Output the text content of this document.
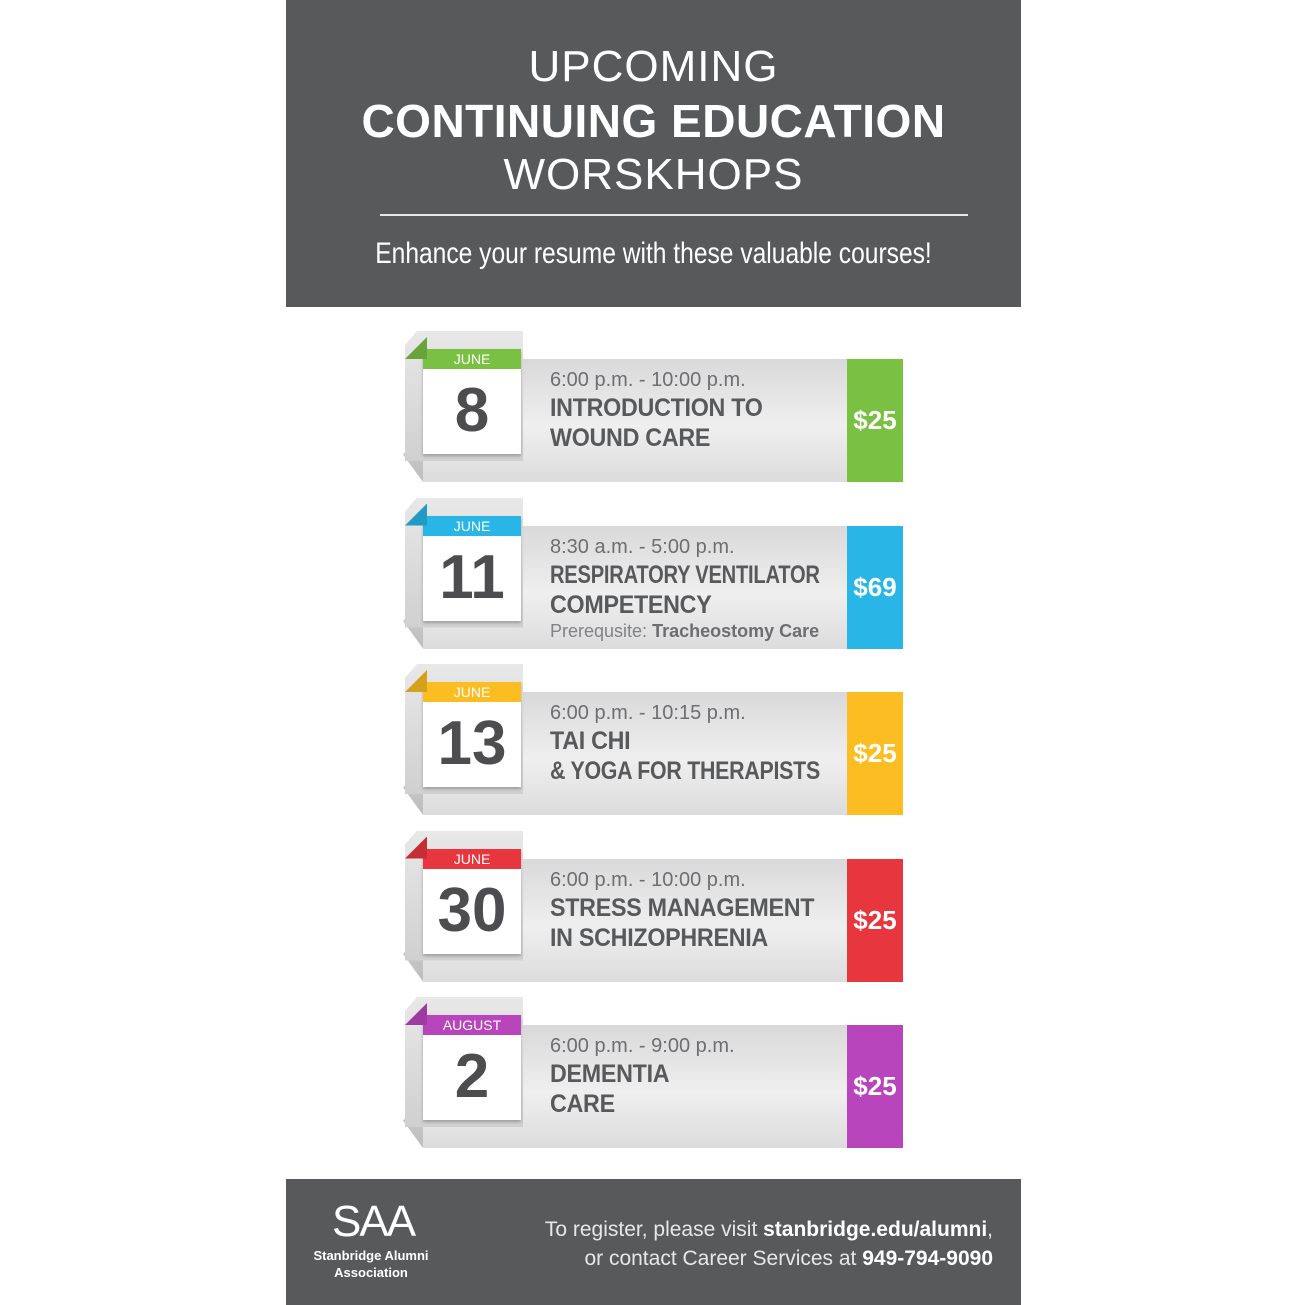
UPCOMING
CONTINUING EDUCATION
WORSKHOPS
Enhance your resume with these valuable courses!
JUNE
8	6:00 p.m. - 10:00 p.m.
INTRODUCTION TO
WOUND CARE
$25
JUNE
11	8:30 a.m. - 5:00 p.m.
RESPIRATORY VENTILATOR
COMPETENCY
Prerequsite: Tracheostomy Care
$69
JUNE
13	6:00 p.m. - 10:15 p.m.
TAI CHI
& YOGA FOR THERAPISTS
$25
JUNE
30	6:00 p.m. - 10:00 p.m.
STRESS MANAGEMENT
IN SCHIZOPHRENIA
$25
AUGUST
2	6:00 p.m. - 9:00 p.m.
DEMENTIA
CARE
$25
SAA
Stanbridge Alumni
Association
To register, please visit stanbridge.edu/alumni,
or contact Career Services at 949-794-9090
